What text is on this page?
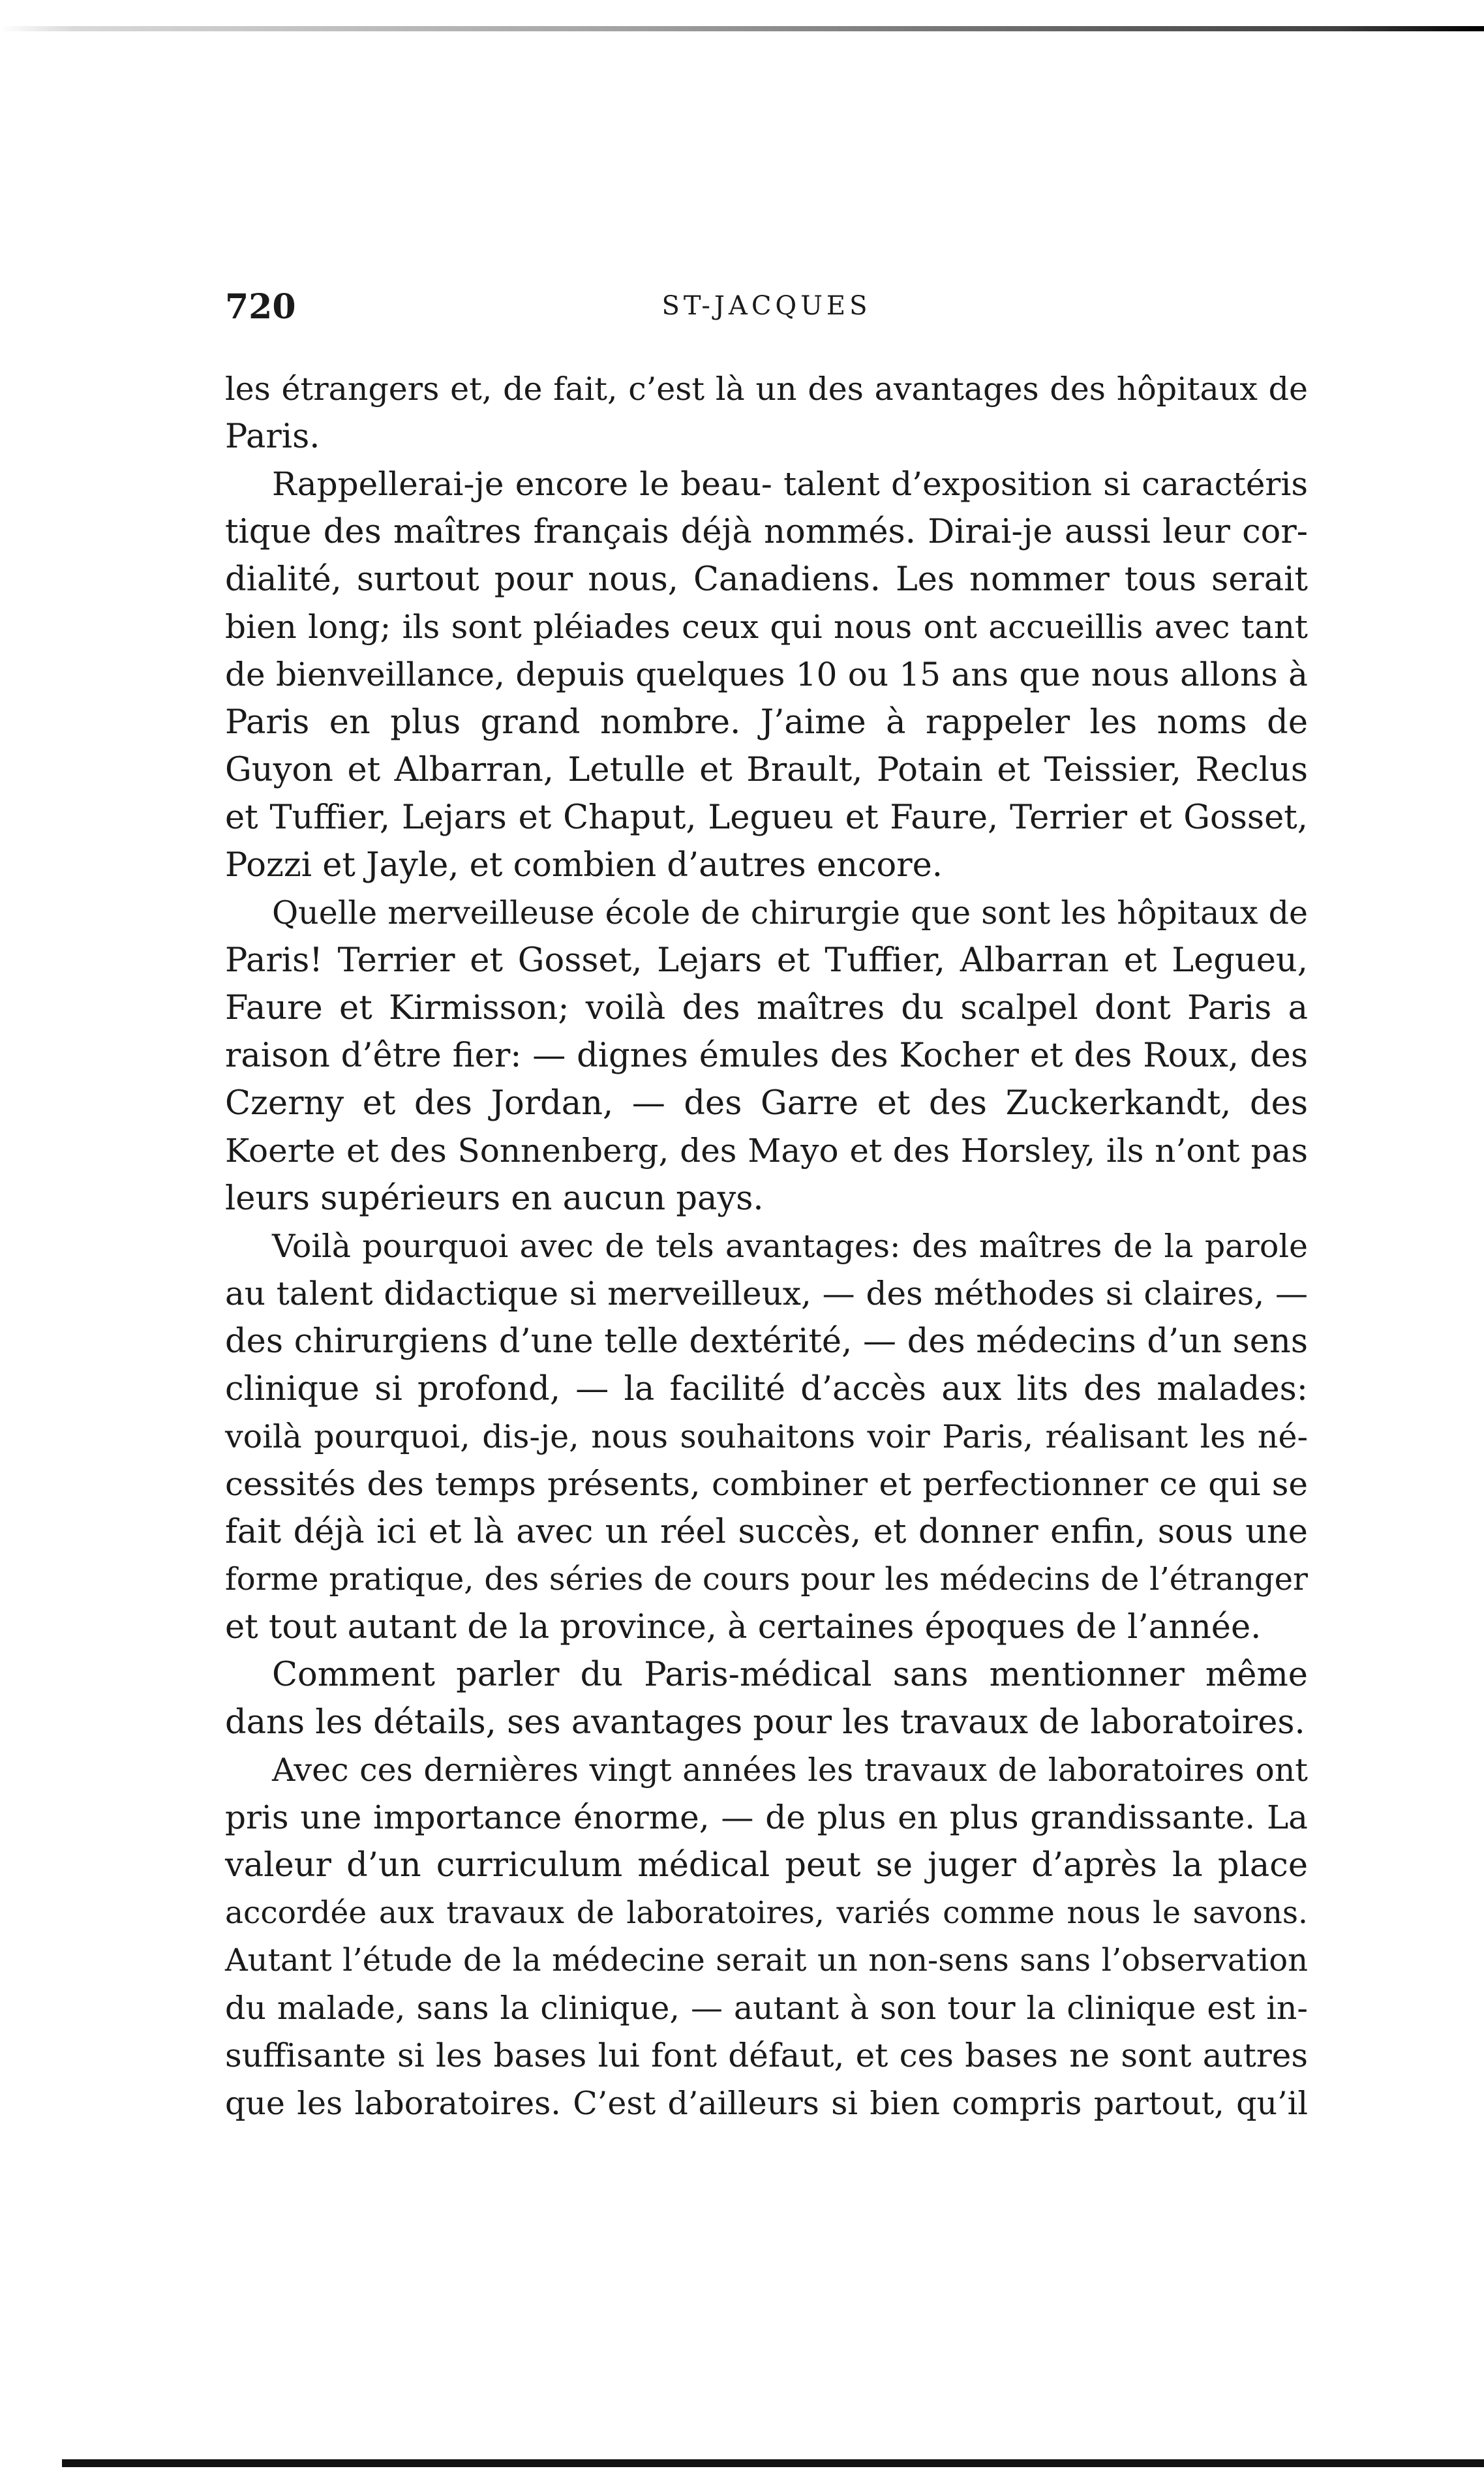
720	ST-JACQUES
les étrangers et, de fait, c’est là un des avantages des hôpitaux de
Paris.
Rappellerai-je encore le beau- talent d’exposition si caractéris
tique des maîtres français déjà nommés. Dirai-je aussi leur cor-
dialité, surtout pour nous, Canadiens. Les nommer tous serait
bien long; ils sont pléiades ceux qui nous ont accueillis avec tant
de bienveillance, depuis quelques 10 ou 15 ans que nous allons à
Paris en plus grand nombre. J’aime à rappeler les noms de
Guyon et Albarran, Letulle et Brault, Potain et Teissier, Reclus
et Tuffier, Lejars et Chaput, Legueu et Faure, Terrier et Gosset,
Pozzi et Jayle, et combien d’autres encore.
Quelle merveilleuse école de chirurgie que sont les hôpitaux de
Paris! Terrier et Gosset, Lejars et Tuffier, Albarran et Legueu,
Faure et Kirmisson; voilà des maîtres du scalpel dont Paris a
raison d’être fier: — dignes émules des Kocher et des Roux, des
Czerny et des Jordan, — des Garre et des Zuckerkandt, des
Koerte et des Sonnenberg, des Mayo et des Horsley, ils n’ont pas
leurs supérieurs en aucun pays.
Voilà pourquoi avec de tels avantages: des maîtres de la parole
au talent didactique si merveilleux, — des méthodes si claires, —
des chirurgiens d’une telle dextérité, — des médecins d’un sens
clinique si profond, — la facilité d’accès aux lits des malades:
voilà pourquoi, dis-je, nous souhaitons voir Paris, réalisant les né-
cessités des temps présents, combiner et perfectionner ce qui se
fait déjà ici et là avec un réel succès, et donner enfin, sous une
forme pratique, des séries de cours pour les médecins de l’étranger
et tout autant de la province, à certaines époques de l’année.
Comment parler du Paris-médical sans mentionner même
dans les détails, ses avantages pour les travaux de laboratoires.
Avec ces dernières vingt années les travaux de laboratoires ont
pris une importance énorme, — de plus en plus grandissante. La
valeur d’un curriculum médical peut se juger d’après la place
accordée aux travaux de laboratoires, variés comme nous le savons.
Autant l’étude de la médecine serait un non-sens sans l’observation
du malade, sans la clinique, — autant à son tour la clinique est in-
suffisante si les bases lui font défaut, et ces bases ne sont autres
que les laboratoires. C’est d’ailleurs si bien compris partout, qu’il
